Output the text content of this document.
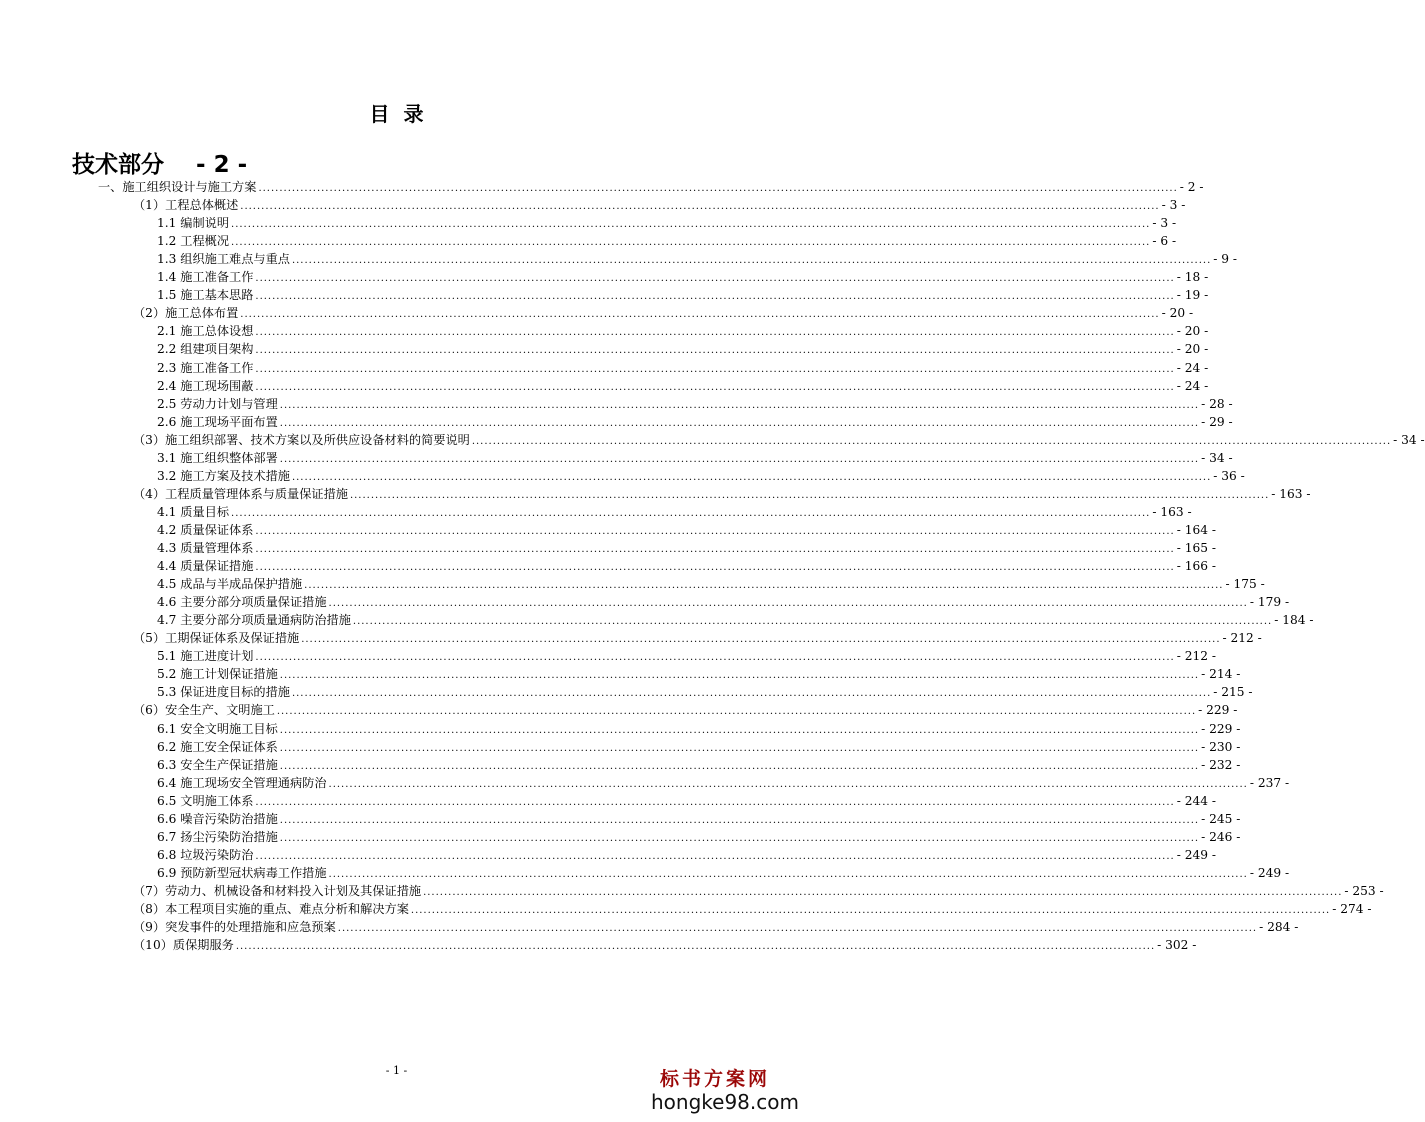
目录
技术部分    - 2 -
一、施工组织设计与施工方案 ............................................................................................................................................................................................................................ - 2 -
（1）工程总体概述 ............................................................................................................................................................................................................................ - 3 -
1.1 编制说明 ............................................................................................................................................................................................................................ - 3 -
1.2 工程概况 ............................................................................................................................................................................................................................ - 6 -
1.3 组织施工难点与重点 ............................................................................................................................................................................................................................ - 9 -
1.4 施工准备工作 ............................................................................................................................................................................................................................ - 18 -
1.5 施工基本思路 ............................................................................................................................................................................................................................ - 19 -
（2）施工总体布置 ............................................................................................................................................................................................................................ - 20 -
2.1 施工总体设想 ............................................................................................................................................................................................................................ - 20 -
2.2 组建项目架构 ............................................................................................................................................................................................................................ - 20 -
2.3 施工准备工作 ............................................................................................................................................................................................................................ - 24 -
2.4 施工现场围蔽 ............................................................................................................................................................................................................................ - 24 -
2.5 劳动力计划与管理 ............................................................................................................................................................................................................................ - 28 -
2.6 施工现场平面布置 ............................................................................................................................................................................................................................ - 29 -
（3）施工组织部署、技术方案以及所供应设备材料的简要说明 ............................................................................................................................................................................................................................ - 34 -
3.1 施工组织整体部署 ............................................................................................................................................................................................................................ - 34 -
3.2 施工方案及技术措施 ............................................................................................................................................................................................................................ - 36 -
（4）工程质量管理体系与质量保证措施 ............................................................................................................................................................................................................................ - 163 -
4.1 质量目标 ............................................................................................................................................................................................................................ - 163 -
4.2 质量保证体系 ............................................................................................................................................................................................................................ - 164 -
4.3 质量管理体系 ............................................................................................................................................................................................................................ - 165 -
4.4 质量保证措施 ............................................................................................................................................................................................................................ - 166 -
4.5 成品与半成品保护措施 ............................................................................................................................................................................................................................ - 175 -
4.6 主要分部分项质量保证措施 ............................................................................................................................................................................................................................ - 179 -
4.7 主要分部分项质量通病防治措施 ............................................................................................................................................................................................................................ - 184 -
（5）工期保证体系及保证措施 ............................................................................................................................................................................................................................ - 212 -
5.1 施工进度计划 ............................................................................................................................................................................................................................ - 212 -
5.2 施工计划保证措施 ............................................................................................................................................................................................................................ - 214 -
5.3 保证进度目标的措施 ............................................................................................................................................................................................................................ - 215 -
（6）安全生产、文明施工 ............................................................................................................................................................................................................................ - 229 -
6.1 安全文明施工目标 ............................................................................................................................................................................................................................ - 229 -
6.2 施工安全保证体系 ............................................................................................................................................................................................................................ - 230 -
6.3 安全生产保证措施 ............................................................................................................................................................................................................................ - 232 -
6.4 施工现场安全管理通病防治 ............................................................................................................................................................................................................................ - 237 -
6.5 文明施工体系 ............................................................................................................................................................................................................................ - 244 -
6.6 噪音污染防治措施 ............................................................................................................................................................................................................................ - 245 -
6.7 扬尘污染防治措施 ............................................................................................................................................................................................................................ - 246 -
6.8 垃圾污染防治 ............................................................................................................................................................................................................................ - 249 -
6.9 预防新型冠状病毒工作措施 ............................................................................................................................................................................................................................ - 249 -
（7）劳动力、机械设备和材料投入计划及其保证措施 ............................................................................................................................................................................................................................ - 253 -
（8）本工程项目实施的重点、难点分析和解决方案 ............................................................................................................................................................................................................................ - 274 -
（9）突发事件的处理措施和应急预案 ............................................................................................................................................................................................................................ - 284 -
（10）质保期服务 ............................................................................................................................................................................................................................ - 302 -
- 1 -	标书方案网
hongke98.com
